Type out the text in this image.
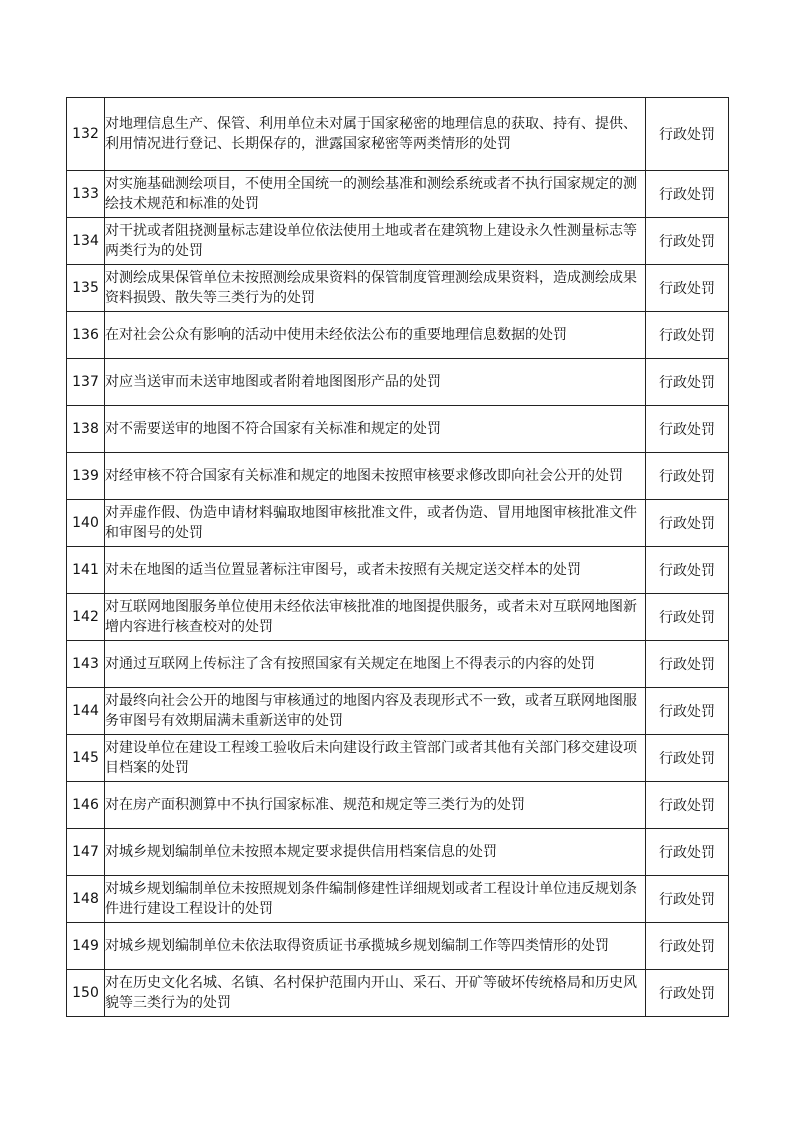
132	对地理信息生产、保管、利用单位未对属于国家秘密的地理信息的获取、持有、提供、利用情况进行登记、长期保存的，泄露国家秘密等两类情形的处罚	行政处罚
133	对实施基础测绘项目，不使用全国统一的测绘基准和测绘系统或者不执行国家规定的测绘技术规范和标准的处罚	行政处罚
134	对干扰或者阻挠测量标志建设单位依法使用土地或者在建筑物上建设永久性测量标志等两类行为的处罚	行政处罚
135	对测绘成果保管单位未按照测绘成果资料的保管制度管理测绘成果资料，造成测绘成果资料损毁、散失等三类行为的处罚	行政处罚
136	在对社会公众有影响的活动中使用未经依法公布的重要地理信息数据的处罚	行政处罚
137	对应当送审而未送审地图或者附着地图图形产品的处罚	行政处罚
138	对不需要送审的地图不符合国家有关标准和规定的处罚	行政处罚
139	对经审核不符合国家有关标准和规定的地图未按照审核要求修改即向社会公开的处罚	行政处罚
140	对弄虚作假、伪造申请材料骗取地图审核批准文件，或者伪造、冒用地图审核批准文件和审图号的处罚	行政处罚
141	对未在地图的适当位置显著标注审图号，或者未按照有关规定送交样本的处罚	行政处罚
142	对互联网地图服务单位使用未经依法审核批准的地图提供服务，或者未对互联网地图新增内容进行核查校对的处罚	行政处罚
143	对通过互联网上传标注了含有按照国家有关规定在地图上不得表示的内容的处罚	行政处罚
144	对最终向社会公开的地图与审核通过的地图内容及表现形式不一致，或者互联网地图服务审图号有效期届满未重新送审的处罚	行政处罚
145	对建设单位在建设工程竣工验收后未向建设行政主管部门或者其他有关部门移交建设项目档案的处罚	行政处罚
146	对在房产面积测算中不执行国家标准、规范和规定等三类行为的处罚	行政处罚
147	对城乡规划编制单位未按照本规定要求提供信用档案信息的处罚	行政处罚
148	对城乡规划编制单位未按照规划条件编制修建性详细规划或者工程设计单位违反规划条件进行建设工程设计的处罚	行政处罚
149	对城乡规划编制单位未依法取得资质证书承揽城乡规划编制工作等四类情形的处罚	行政处罚
150	对在历史文化名城、名镇、名村保护范围内开山、采石、开矿等破坏传统格局和历史风貌等三类行为的处罚	行政处罚
